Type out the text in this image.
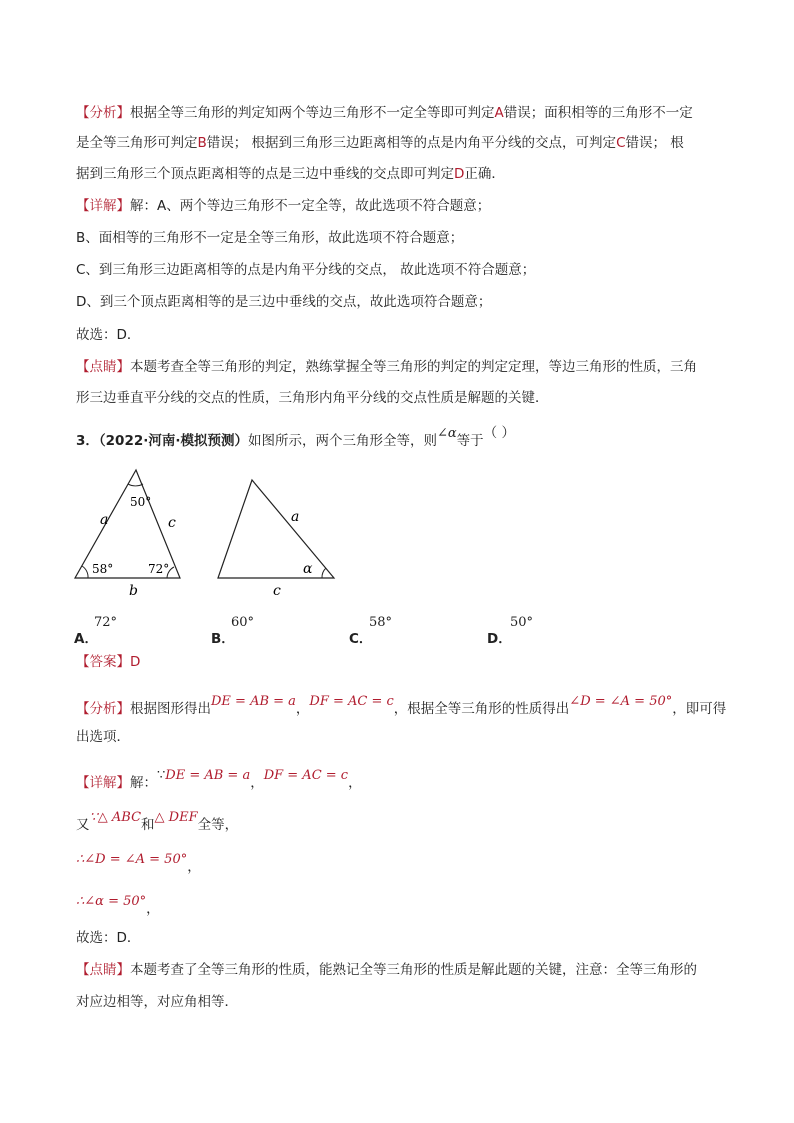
【分析】根据全等三角形的判定知两个等边三角形不一定全等即可判定A错误；面积相等的三角形不一定
是全等三角形可判定B错误； 根据到三角形三边距离相等的点是内角平分线的交点，可判定C错误； 根
据到三角形三个顶点距离相等的点是三边中垂线的交点即可判定D正确．
【详解】解：A、两个等边三角形不一定全等，故此选项不符合题意；
B、面相等的三角形不一定是全等三角形，故此选项不符合题意；
C、到三角形三边距离相等的点是内角平分线的交点， 故此选项不符合题意；
D、到三个顶点距离相等的是三边中垂线的交点，故此选项符合题意；
故选：D．
【点睛】本题考查全等三角形的判定，熟练掌握全等三角形的判定的判定定理，等边三角形的性质，三角
形三边垂直平分线的交点的性质，三角形内角平分线的交点性质是解题的关键．
3．（2022·河南·模拟预测）如图所示，两个三角形全等，则∠α等于（ ）
50°
58°	72°
a	c
b
a
α
c
A．
72°
B．
60°
C．
58°
D．
50°
【答案】D
【分析】根据图形得出DE = AB = a，DF = AC = c，根据全等三角形的性质得出∠D = ∠A = 50°，即可得
出选项．
【详解】解：∵DE = AB = a，DF = AC = c，
又∵△ ABC和△ DEF全等，
∴∠D = ∠A = 50°，
∴∠α = 50°，
故选：D．
【点睛】本题考查了全等三角形的性质，能熟记全等三角形的性质是解此题的关键，注意：全等三角形的
对应边相等，对应角相等．
